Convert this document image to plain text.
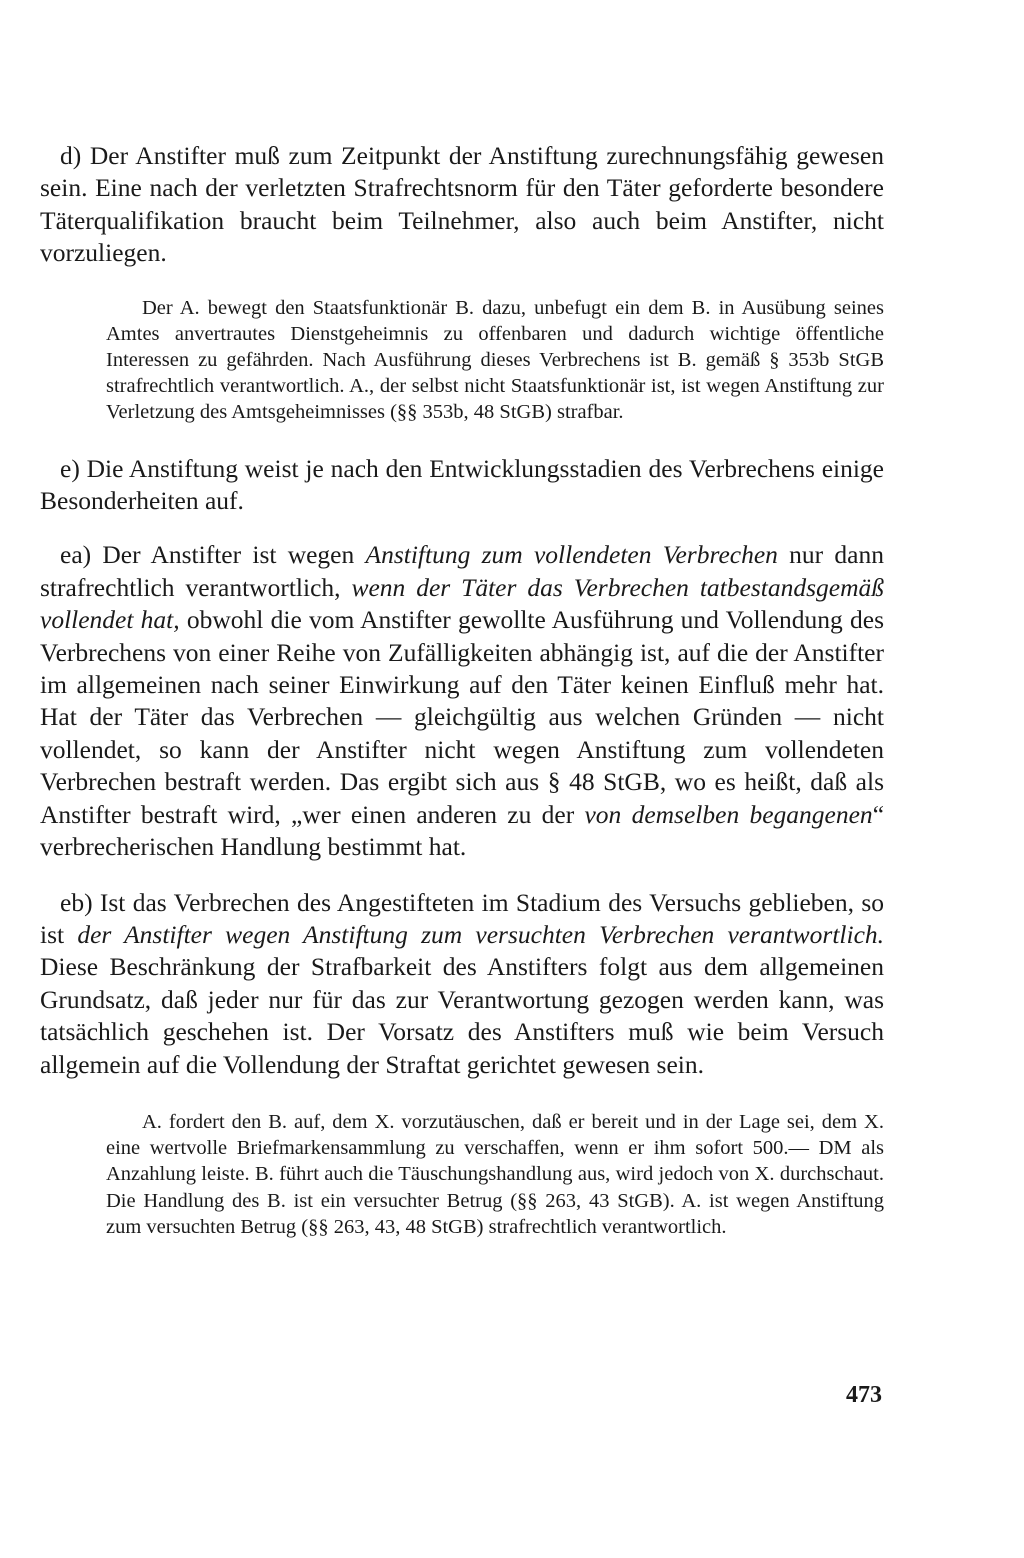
d) Der Anstifter muß zum Zeitpunkt der Anstiftung zurechnungsfähig gewesen sein. Eine nach der verletzten Strafrechtsnorm für den Täter geforderte besondere Täterqualifikation braucht beim Teilnehmer, also auch beim Anstifter, nicht vorzuliegen.

Der A. bewegt den Staatsfunktionär B. dazu, unbefugt ein dem B. in Ausübung seines Amtes anvertrautes Dienstgeheimnis zu offenbaren und dadurch wichtige öffentliche Interessen zu gefährden. Nach Ausführung dieses Verbrechens ist B. gemäß § 353b StGB strafrechtlich verantwortlich. A., der selbst nicht Staatsfunktionär ist, ist wegen Anstiftung zur Verletzung des Amtsgeheimnisses (§§ 353b, 48 StGB) strafbar.

e) Die Anstiftung weist je nach den Entwicklungsstadien des Verbrechens einige Besonderheiten auf.

ea) Der Anstifter ist wegen Anstiftung zum vollendeten Verbrechen nur dann strafrechtlich verantwortlich, wenn der Täter das Verbrechen tatbestandsgemäß vollendet hat, obwohl die vom Anstifter gewollte Ausführung und Vollendung des Verbrechens von einer Reihe von Zufälligkeiten abhängig ist, auf die der Anstifter im allgemeinen nach seiner Einwirkung auf den Täter keinen Einfluß mehr hat. Hat der Täter das Verbrechen — gleichgültig aus welchen Gründen — nicht vollendet, so kann der Anstifter nicht wegen Anstiftung zum vollendeten Verbrechen bestraft werden. Das ergibt sich aus § 48 StGB, wo es heißt, daß als Anstifter bestraft wird, „wer einen anderen zu der von demselben begangenen“ verbrecherischen Handlung bestimmt hat.

eb) Ist das Verbrechen des Angestifteten im Stadium des Versuchs geblieben, so ist der Anstifter wegen Anstiftung zum versuchten Verbrechen verantwortlich. Diese Beschränkung der Strafbarkeit des Anstifters folgt aus dem allgemeinen Grundsatz, daß jeder nur für das zur Verantwortung gezogen werden kann, was tatsächlich geschehen ist. Der Vorsatz des Anstifters muß wie beim Versuch allgemein auf die Vollendung der Straftat gerichtet gewesen sein.

A. fordert den B. auf, dem X. vorzutäuschen, daß er bereit und in der Lage sei, dem X. eine wertvolle Briefmarkensammlung zu verschaffen, wenn er ihm sofort 500.— DM als Anzahlung leiste. B. führt auch die Täuschungshandlung aus, wird jedoch von X. durchschaut. Die Handlung des B. ist ein versuchter Betrug (§§ 263, 43 StGB). A. ist wegen Anstiftung zum versuchten Betrug (§§ 263, 43, 48 StGB) strafrechtlich verantwortlich.

473
